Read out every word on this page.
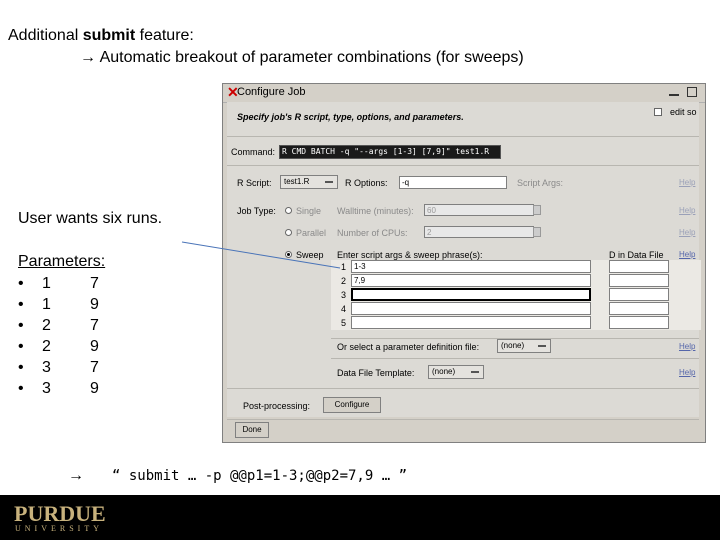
Additional submit feature:
→ Automatic breakout of parameter combinations (for sweeps)
✕
Configure Job
Specify job's R script, type, options, and parameters.	edit so
Command: R CMD BATCH -q "--args [1-3] [7,9]" test1.R
R Script:	test1.R	R Options:	-q	Script Args:	Help
Job Type: Single Walltime (minutes):	60	Help
Parallel Number of CPUs:	2	Help
Sweep Enter script args & sweep phrase(s):	D in Data File Help
1 1-3
2 7,9
3
4
5
Or select a parameter definition file:	(none)	Help
Data File Template:	(none)	Help
Post-processing:	Configure
Done
User wants six runs.
Parameters:
• 1 7
• 1 9
• 2 7
• 2 9
• 3 7
• 3 9
→ “ submit … -p @@p1=1-3;@@p2=7,9 … ”
PURDUE
UNIVERSITY
